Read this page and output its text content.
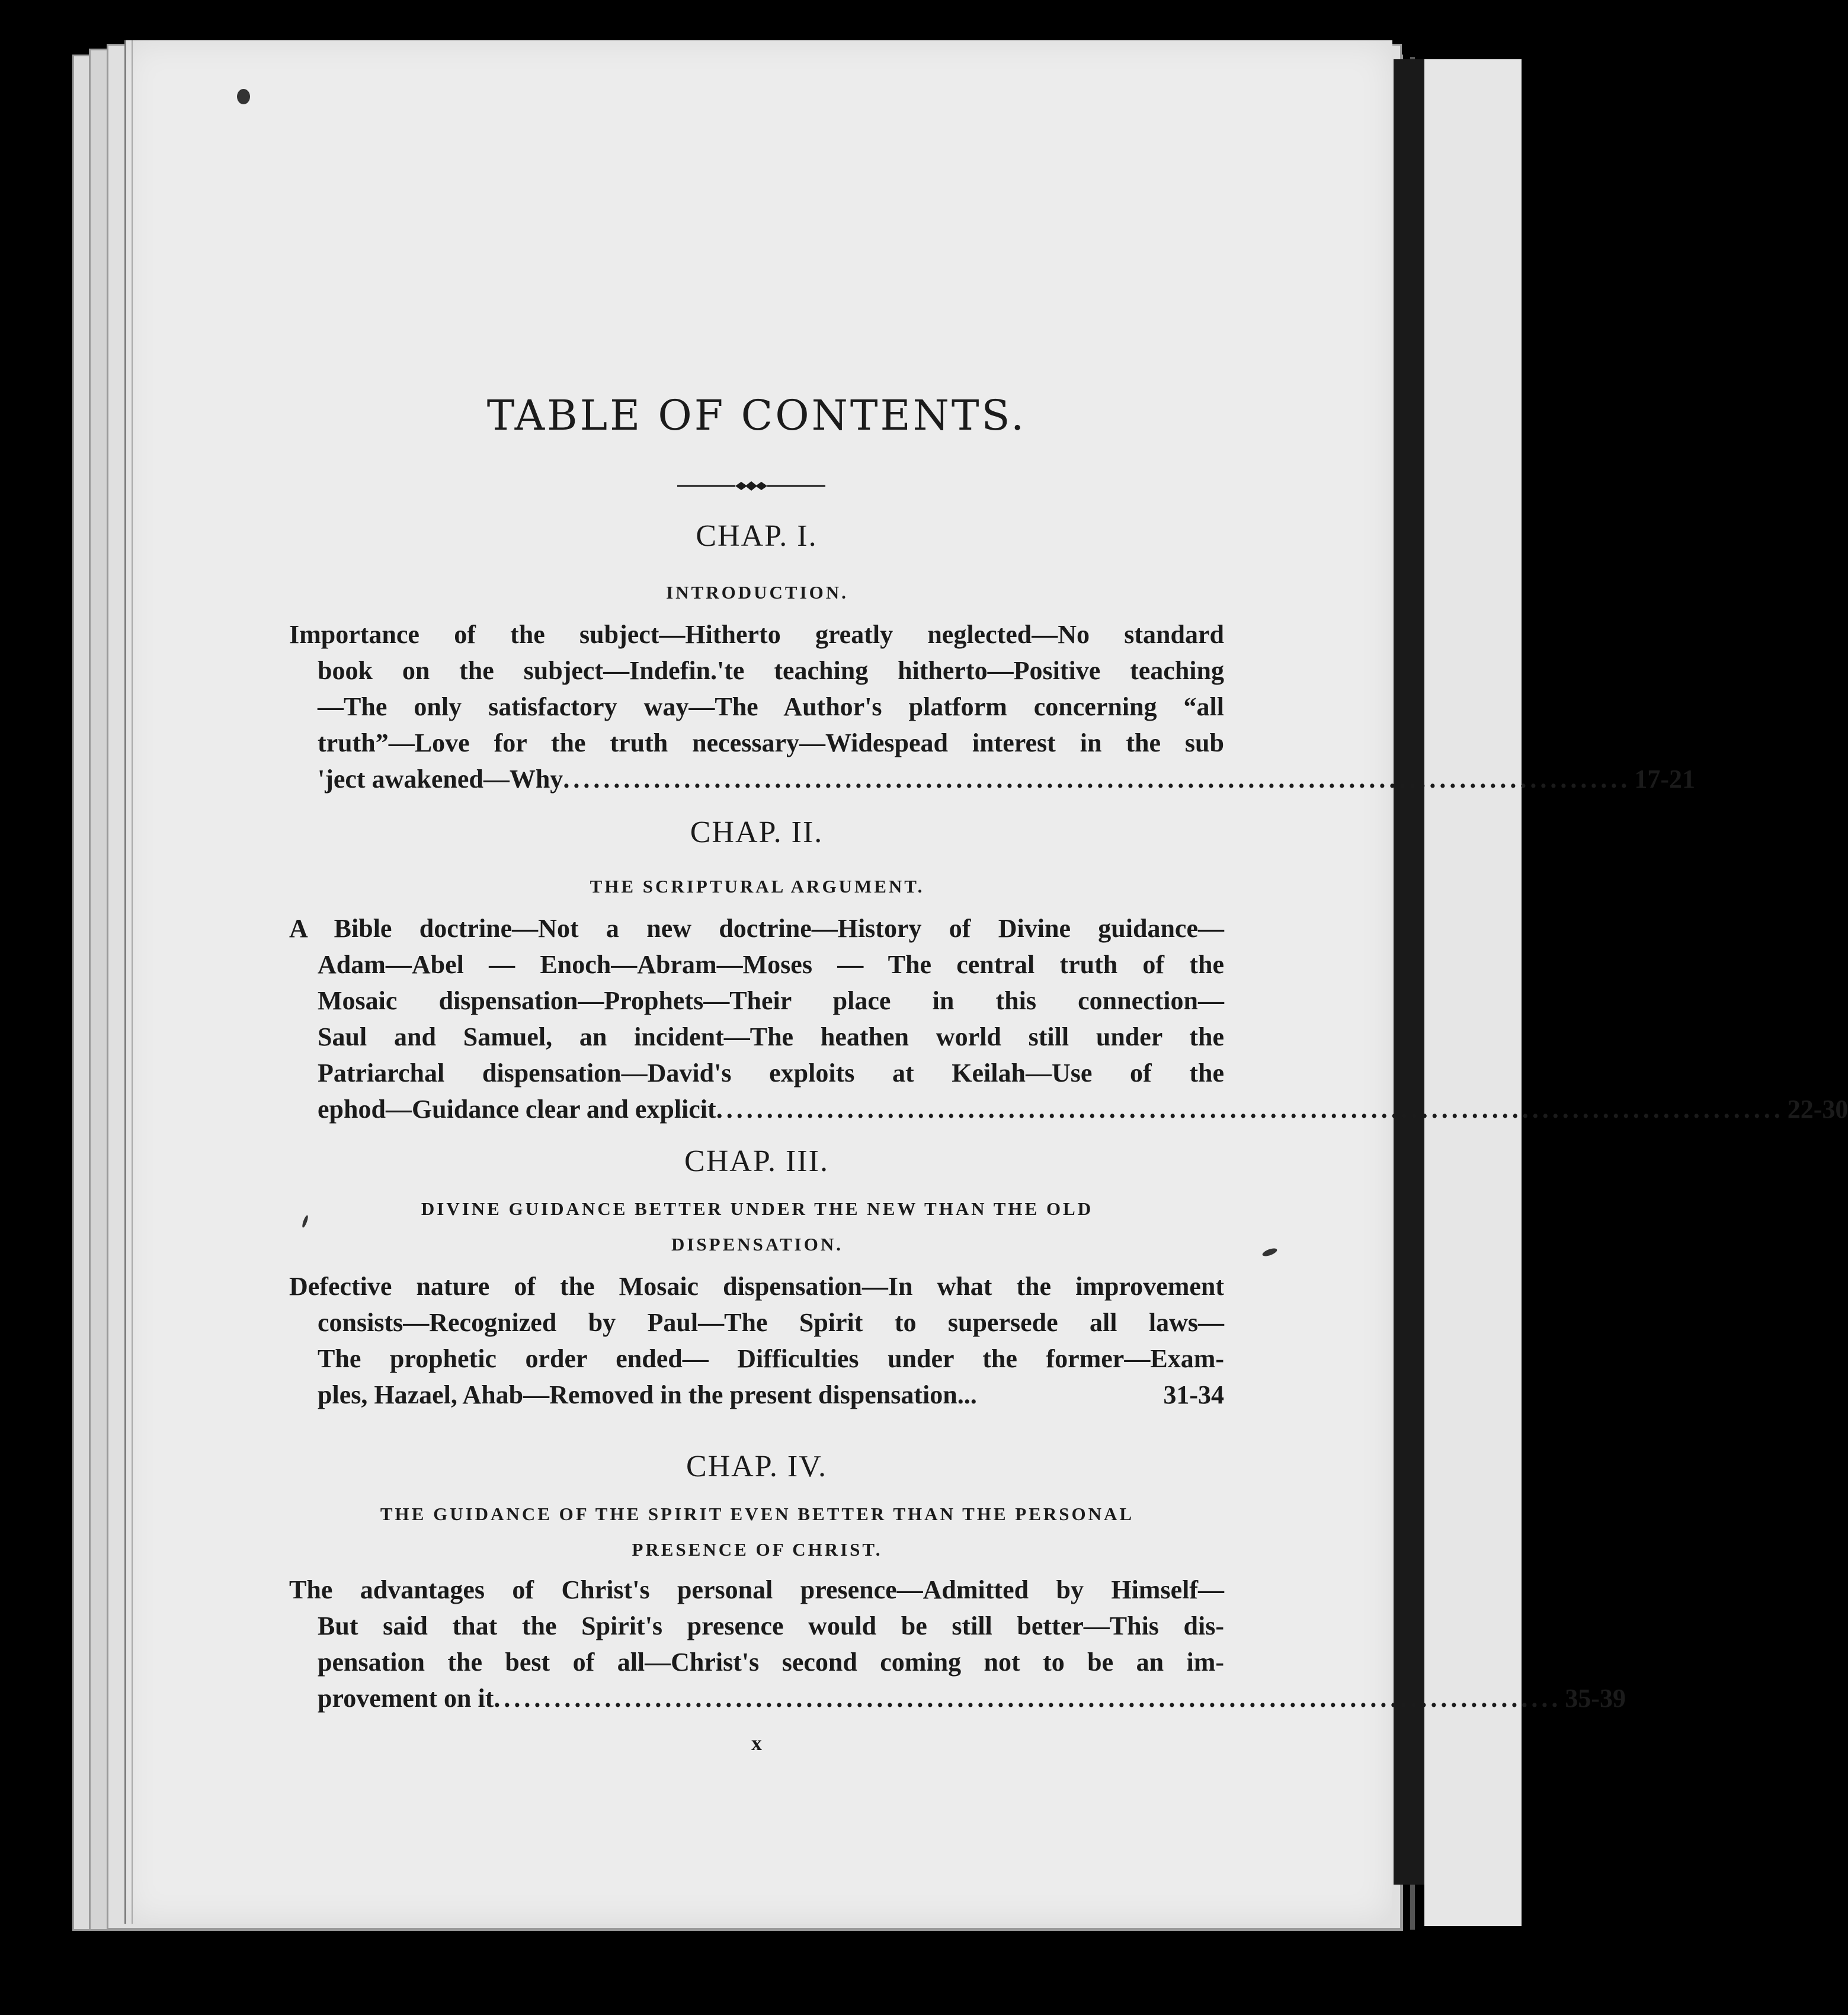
TABLE OF CONTENTS.
CHAP. I.
INTRODUCTION.
Importance of the subject—Hitherto greatly neglected—No standard
book on the subject—Indefin.'te teaching hitherto—Positive teaching
—The only satisfactory way—The Author's platform concerning “all
truth”—Love for the truth necessary—Widespead interest in the sub
'ject awakened—Why .......................................................................................................... 17-21
CHAP. II.
THE SCRIPTURAL ARGUMENT.
A Bible doctrine—Not a new doctrine—History of Divine guidance—
Adam—Abel — Enoch—Abram—Moses — The central truth of the
Mosaic dispensation—Prophets—Their place in this connection—
Saul and Samuel, an incident—The heathen world still under the
Patriarchal dispensation—David's exploits at Keilah—Use of the
ephod—Guidance clear and explicit .......................................................................................................... 22-30
CHAP. III.
DIVINE GUIDANCE BETTER UNDER THE NEW THAN THE OLD
DISPENSATION.
Defective nature of the Mosaic dispensation—In what the improvement
consists—Recognized by Paul—The Spirit to supersede all laws—
The prophetic order ended— Difficulties under the former—Exam-
ples, Hazael, Ahab—Removed in the present dispensation...	31-34
CHAP. IV.
THE GUIDANCE OF THE SPIRIT EVEN BETTER THAN THE PERSONAL
PRESENCE OF CHRIST.
The advantages of Christ's personal presence—Admitted by Himself—
But said that the Spirit's presence would be still better—This dis-
pensation the best of all—Christ's second coming not to be an im-
provement on it .......................................................................................................... 35-39
x
